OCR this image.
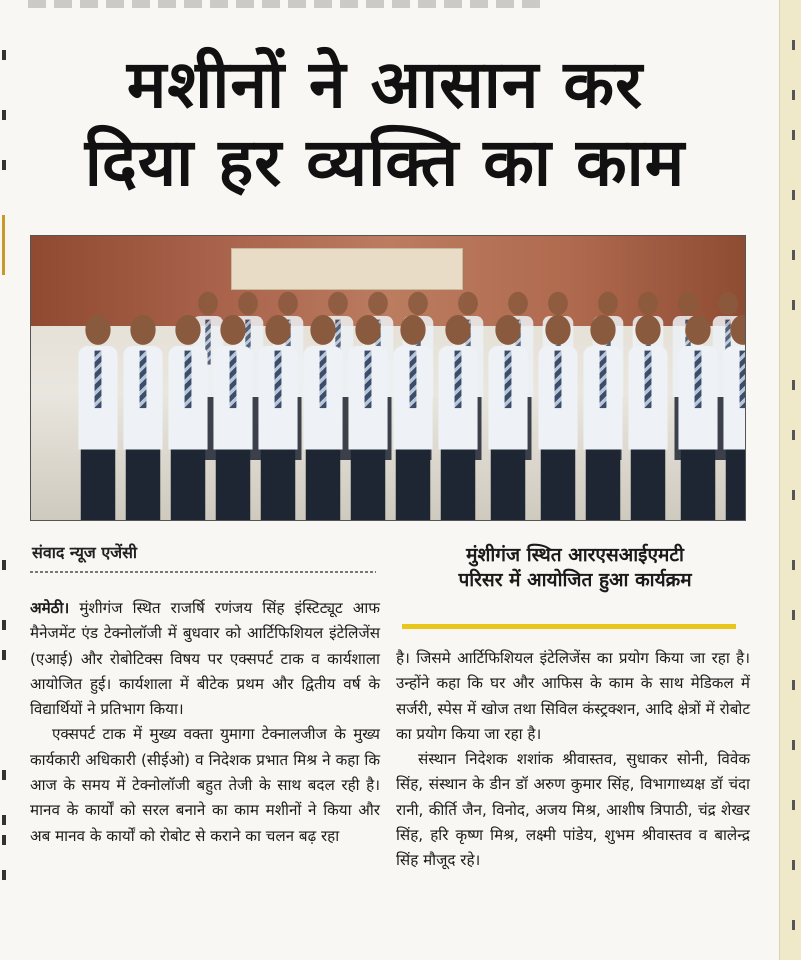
मशीनों ने आसान कर
दिया हर व्यक्ति का काम
संवाद न्यूज एजेंसी	मुंशीगंज स्थित आरएसआईएमटी
परिसर में आयोजित हुआ कार्यक्रम

अमेठी। मुंशीगंज स्थित राजर्षि रणंजय सिंह इंस्टिट्यूट आफ मैनेजमेंट एंड टेक्नोलॉजी में बुधवार को आर्टिफिशियल इंटेलिजेंस (एआई) और रोबोटिक्स विषय पर एक्सपर्ट टाक व कार्यशाला आयोजित हुई। कार्यशाला में बीटेक प्रथम और द्वितीय वर्ष के विद्यार्थियों ने प्रतिभाग किया।

एक्सपर्ट टाक में मुख्य वक्ता युमागा टेक्नालजीज के मुख्य कार्यकारी अधिकारी (सीईओ) व निदेशक प्रभात मिश्र ने कहा कि आज के समय में टेक्नोलॉजी बहुत तेजी के साथ बदल रही है। मानव के कार्यों को सरल बनाने का काम मशीनों ने किया और अब मानव के कार्यों को रोबोट से कराने का चलन बढ़ रहा

है। जिसमे आर्टिफिशियल इंटेलिजेंस का प्रयोग किया जा रहा है। उन्होंने कहा कि घर और आफिस के काम के साथ मेडिकल में सर्जरी, स्पेस में खोज तथा सिविल कंस्ट्रक्शन, आदि क्षेत्रों में रोबोट का प्रयोग किया जा रहा है।

संस्थान निदेशक शशांक श्रीवास्तव, सुधाकर सोनी, विवेक सिंह, संस्थान के डीन डॉ अरुण कुमार सिंह, विभागाध्यक्ष डॉ चंदा रानी, कीर्ति जैन, विनोद, अजय मिश्र, आशीष त्रिपाठी, चंद्र शेखर सिंह, हरि कृष्ण मिश्र, लक्ष्मी पांडेय, शुभम श्रीवास्तव व बालेन्द्र सिंह मौजूद रहे।
